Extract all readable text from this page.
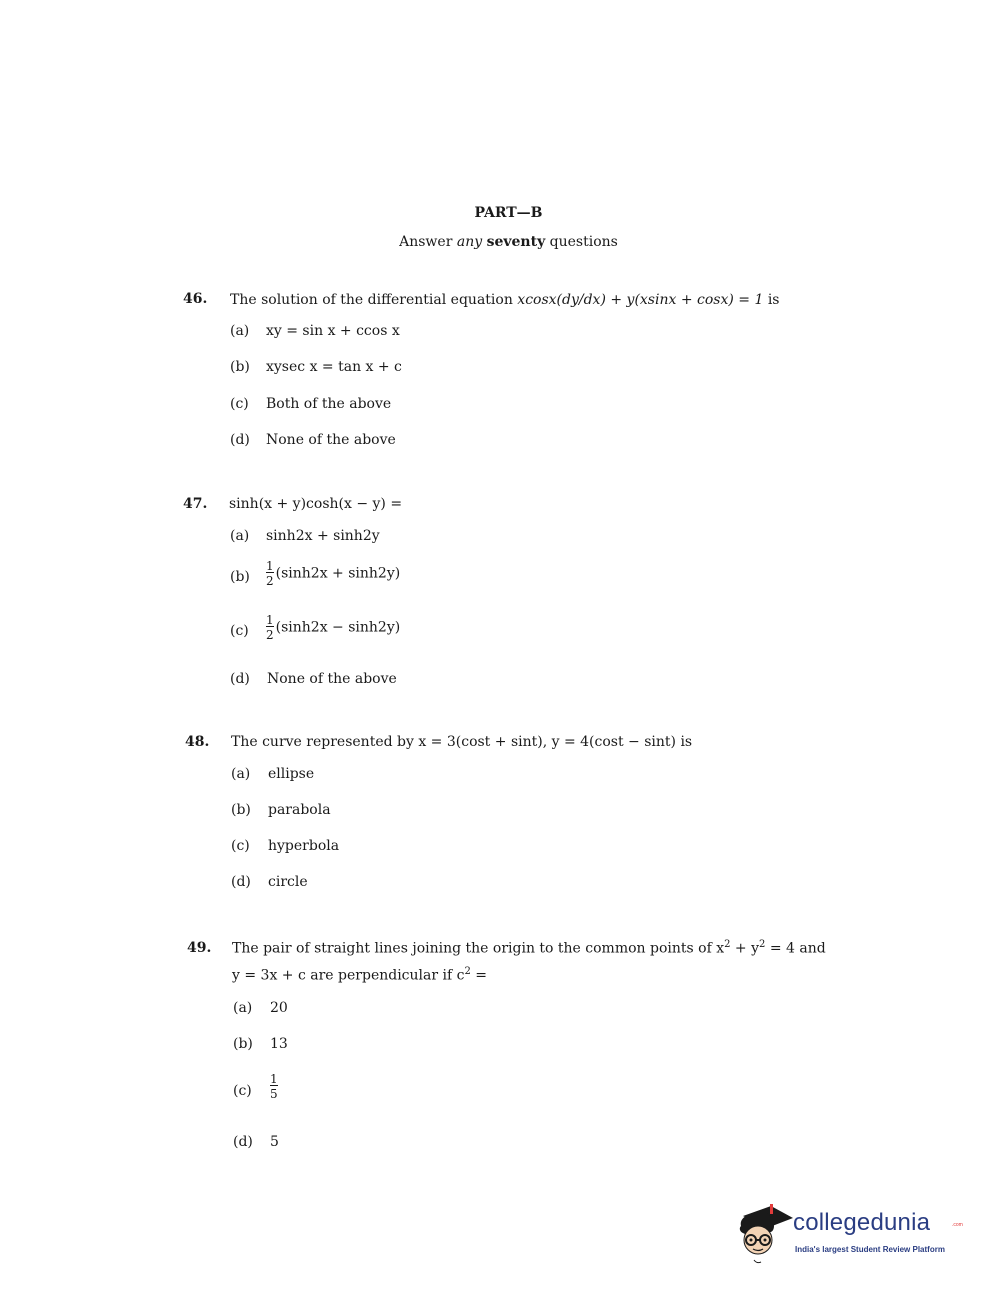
PART—B
Answer any seventy questions
46. The solution of the differential equation xcosx(dy/dx) + y(xsinx + cosx) = 1 is
(a) xy = sin x + ccos x
(b) xysec x = tan x + c
(c) Both of the above
(d) None of the above
47. sinh(x + y)cosh(x − y) =
(a) sinh2x + sinh2y
$(b) \frac{1}{2} (\sinh 2x + \sinh 2y)$
$(c) \frac{1}{2} (\sinh 2x - \sinh 2y)$
(d) None of the above
48. The curve represented by x = 3(cost + sint), y = 4(cost − sint) is
(a) ellipse
(b) parabola
(c) hyperbola
(d) circle
49. The pair of straight lines joining the origin to the common points of $x^2 + y^2 = 4$ and
y = 3x + c are perpendicular if $c^2$ =
(a) 20
(b) 13
$(c) \frac{1}{5}$
(d) 5
collegedunia	.com
India's largest Student Review Platform
